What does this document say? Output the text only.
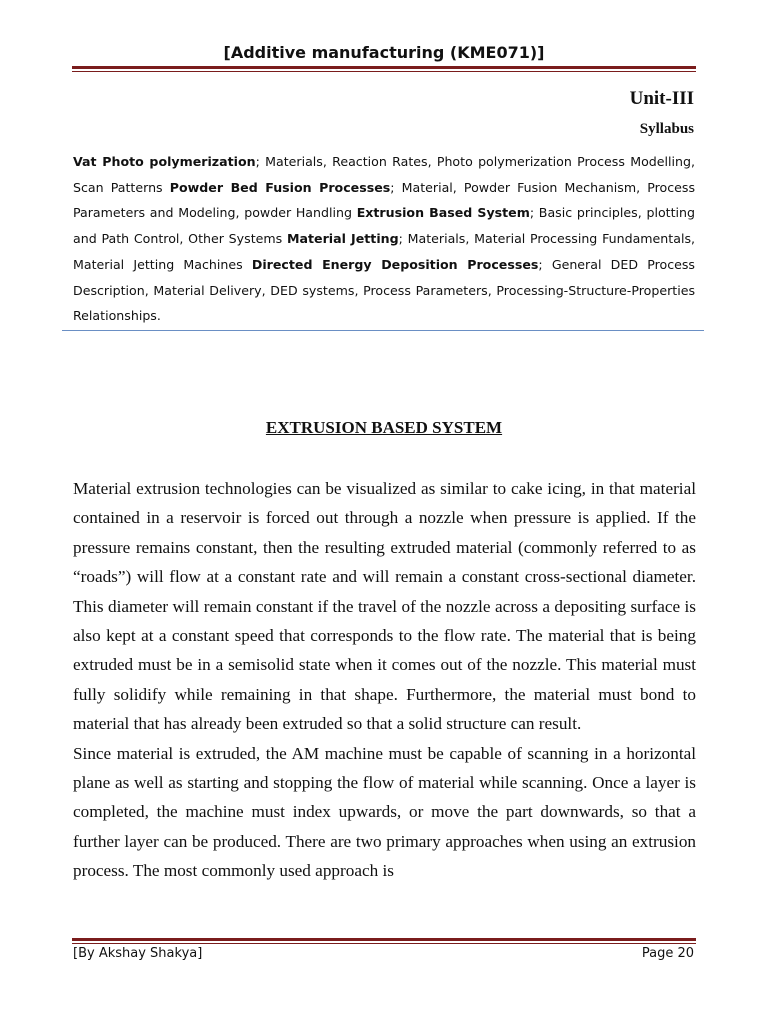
[Additive manufacturing (KME071)]
Unit-III
Syllabus
Vat Photo polymerization; Materials, Reaction Rates, Photo polymerization Process Modelling, Scan Patterns Powder Bed Fusion Processes; Material, Powder Fusion Mechanism, Process Parameters and Modeling, powder Handling Extrusion Based System; Basic principles, plotting and Path Control, Other Systems Material Jetting; Materials, Material Processing Fundamentals, Material Jetting Machines Directed Energy Deposition Processes; General DED Process Description, Material Delivery, DED systems, Process Parameters, Processing-Structure-Properties Relationships.
EXTRUSION BASED SYSTEM

Material extrusion technologies can be visualized as similar to cake icing, in that material contained in a reservoir is forced out through a nozzle when pressure is applied. If the pressure remains constant, then the resulting extruded material (commonly referred to as “roads”) will flow at a constant rate and will remain a constant cross-sectional diameter. This diameter will remain constant if the travel of the nozzle across a depositing surface is also kept at a constant speed that corresponds to the flow rate. The material that is being extruded must be in a semisolid state when it comes out of the nozzle. This material must fully solidify while remaining in that shape. Furthermore, the material must bond to material that has already been extruded so that a solid structure can result.

Since material is extruded, the AM machine must be capable of scanning in a horizontal plane as well as starting and stopping the flow of material while scanning. Once a layer is completed, the machine must index upwards, or move the part downwards, so that a further layer can be produced. There are two primary approaches when using an extrusion process. The most commonly used approach is

[By Akshay Shakya]	Page 20
